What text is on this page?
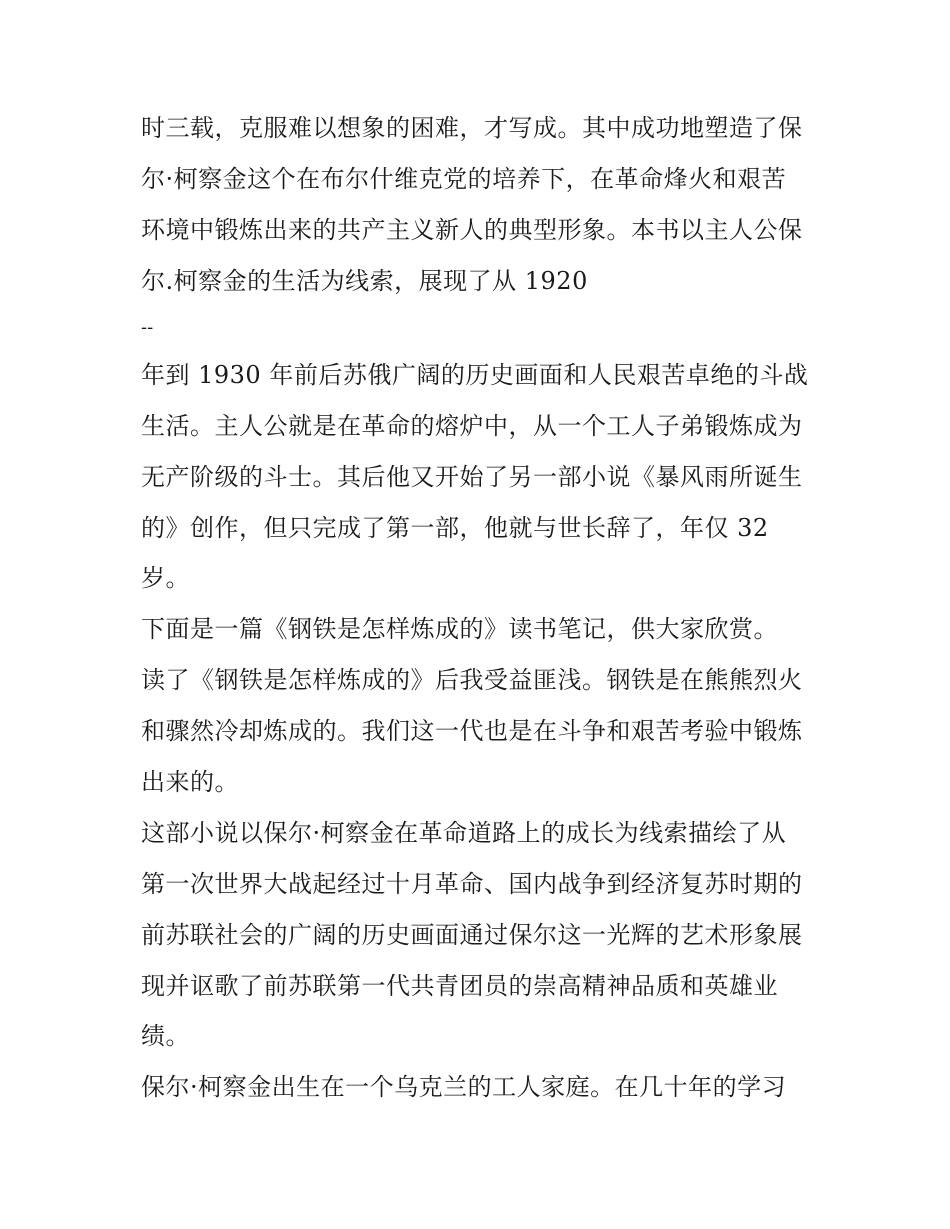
时三载，克服难以想象的困难，才写成。其中成功地塑造了保
尔·柯察金这个在布尔什维克党的培养下，在革命烽火和艰苦
环境中锻炼出来的共产主义新人的典型形象。本书以主人公保
尔.柯察金的生活为线索，展现了从 1920
--
年到 1930 年前后苏俄广阔的历史画面和人民艰苦卓绝的斗战
生活。主人公就是在革命的熔炉中，从一个工人子弟锻炼成为
无产阶级的斗士。其后他又开始了另一部小说《暴风雨所诞生
的》创作，但只完成了第一部，他就与世长辞了，年仅 32
岁。
下面是一篇《钢铁是怎样炼成的》读书笔记，供大家欣赏。
读了《钢铁是怎样炼成的》后我受益匪浅。钢铁是在熊熊烈火
和骤然冷却炼成的。我们这一代也是在斗争和艰苦考验中锻炼
出来的。
这部小说以保尔·柯察金在革命道路上的成长为线索描绘了从
第一次世界大战起经过十月革命、国内战争到经济复苏时期的
前苏联社会的广阔的历史画面通过保尔这一光辉的艺术形象展
现并讴歌了前苏联第一代共青团员的崇高精神品质和英雄业
绩。
保尔·柯察金出生在一个乌克兰的工人家庭。在几十年的学习
